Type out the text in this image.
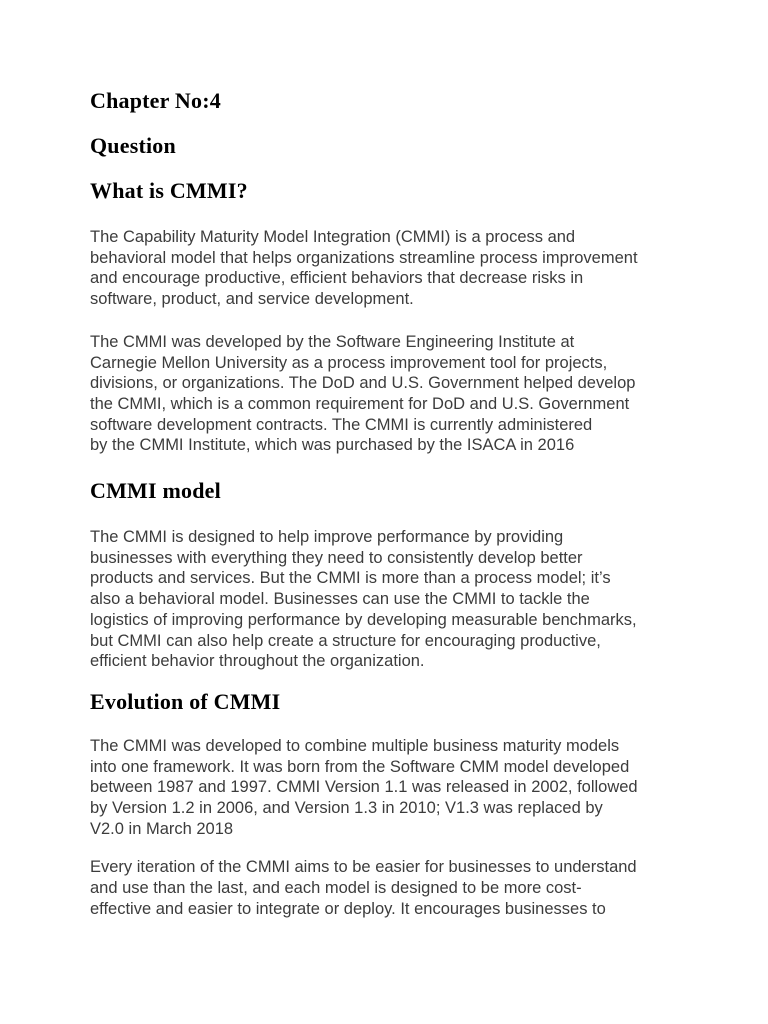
Chapter No:4
Question
What is CMMI?
The Capability Maturity Model Integration (CMMI) is a process and
behavioral model that helps organizations streamline process improvement
and encourage productive, efficient behaviors that decrease risks in
software, product, and service development.
The CMMI was developed by the Software Engineering Institute at
Carnegie Mellon University as a process improvement tool for projects,
divisions, or organizations. The DoD and U.S. Government helped develop
the CMMI, which is a common requirement for DoD and U.S. Government
software development contracts. The CMMI is currently administered
by the CMMI Institute, which was purchased by the ISACA in 2016
CMMI model
The CMMI is designed to help improve performance by providing
businesses with everything they need to consistently develop better
products and services. But the CMMI is more than a process model; it’s
also a behavioral model. Businesses can use the CMMI to tackle the
logistics of improving performance by developing measurable benchmarks,
but CMMI can also help create a structure for encouraging productive,
efficient behavior throughout the organization.
Evolution of CMMI
The CMMI was developed to combine multiple business maturity models
into one framework. It was born from the Software CMM model developed
between 1987 and 1997. CMMI Version 1.1 was released in 2002, followed
by Version 1.2 in 2006, and Version 1.3 in 2010; V1.3 was replaced by
V2.0 in March 2018
Every iteration of the CMMI aims to be easier for businesses to understand
and use than the last, and each model is designed to be more cost-
effective and easier to integrate or deploy. It encourages businesses to
